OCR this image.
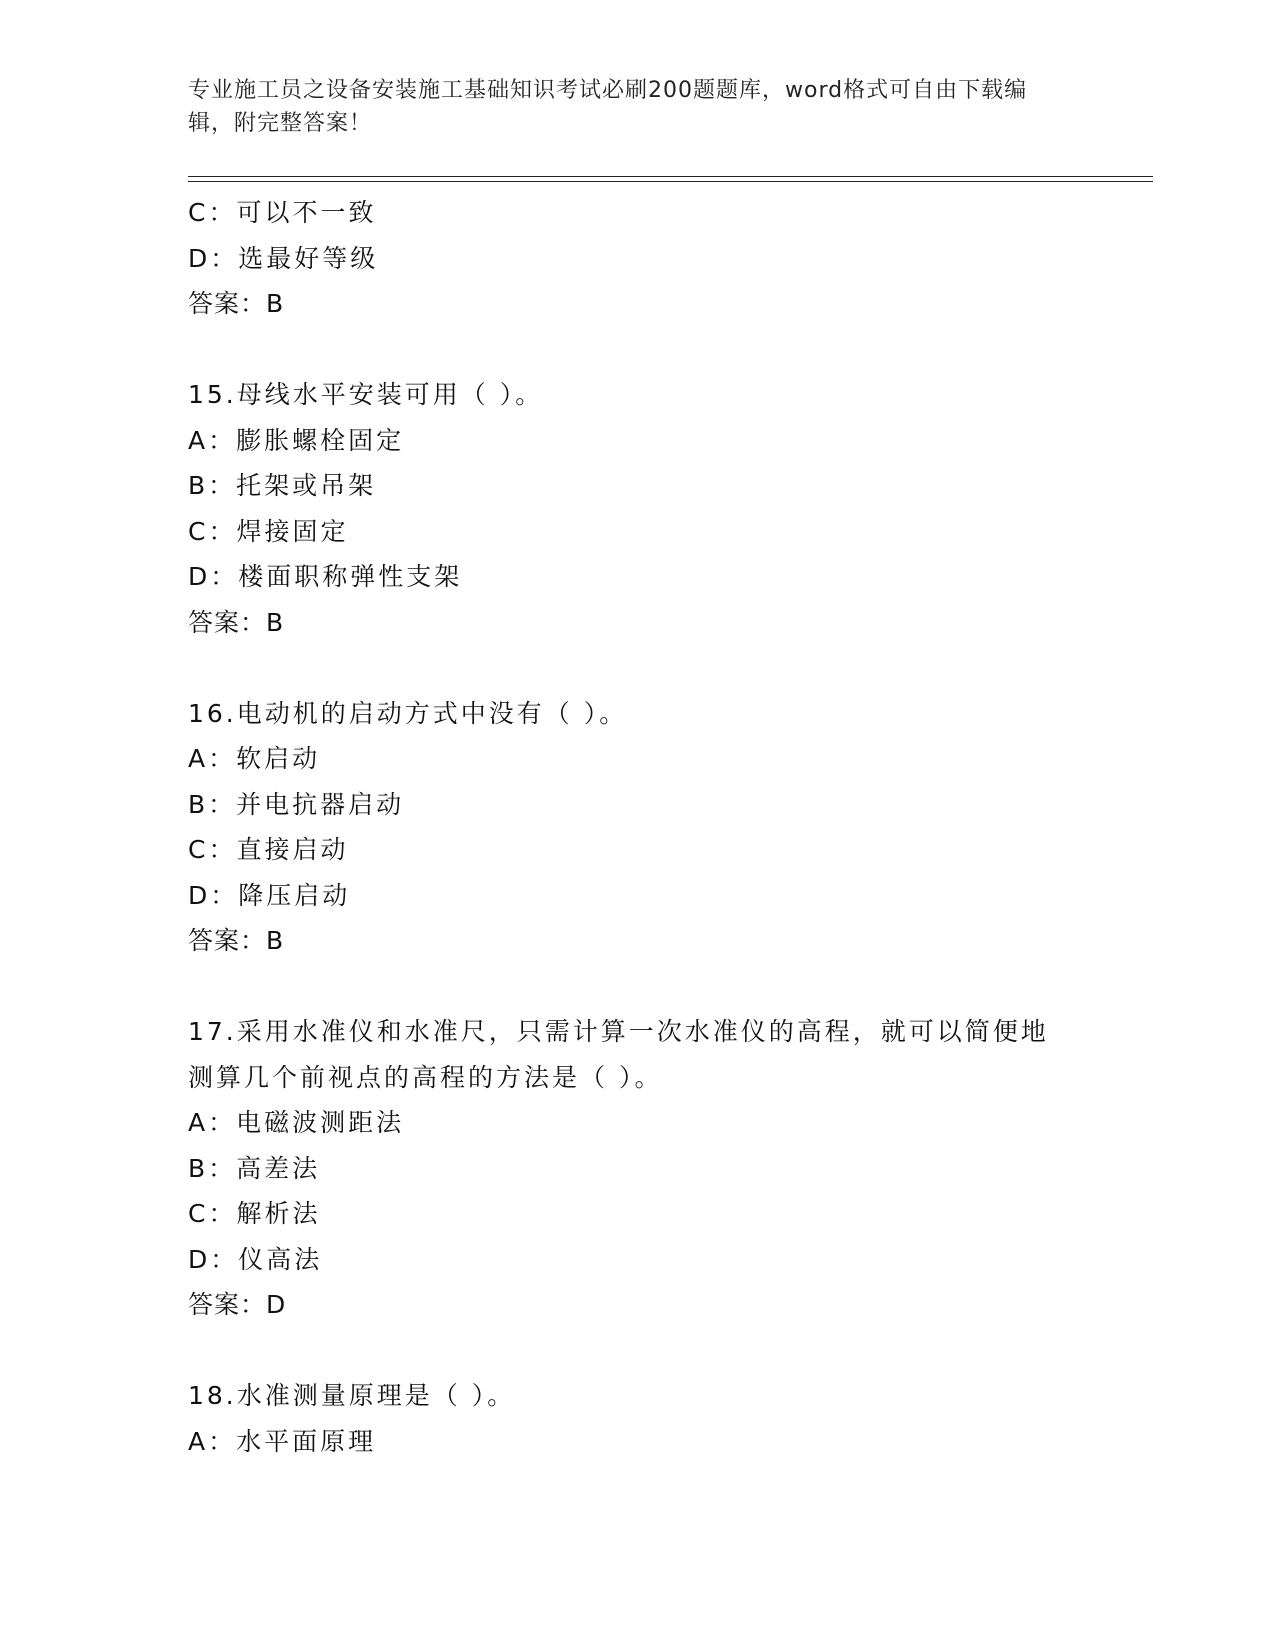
专业施工员之设备安装施工基础知识考试必刷200题题库，word格式可自由下载编辑，附完整答案！
C：可以不一致
D：选最好等级
答案：B
15.母线水平安装可用（ ）。
A：膨胀螺栓固定
B：托架或吊架
C：焊接固定
D：楼面职称弹性支架
答案：B
16.电动机的启动方式中没有（ ）。
A：软启动
B：并电抗器启动
C：直接启动
D：降压启动
答案：B
17.采用水准仪和水准尺，只需计算一次水准仪的高程，就可以简便地测算几个前视点的高程的方法是（ ）。
A：电磁波测距法
B：高差法
C：解析法
D：仪高法
答案：D
18.水准测量原理是（ ）。
A：水平面原理
